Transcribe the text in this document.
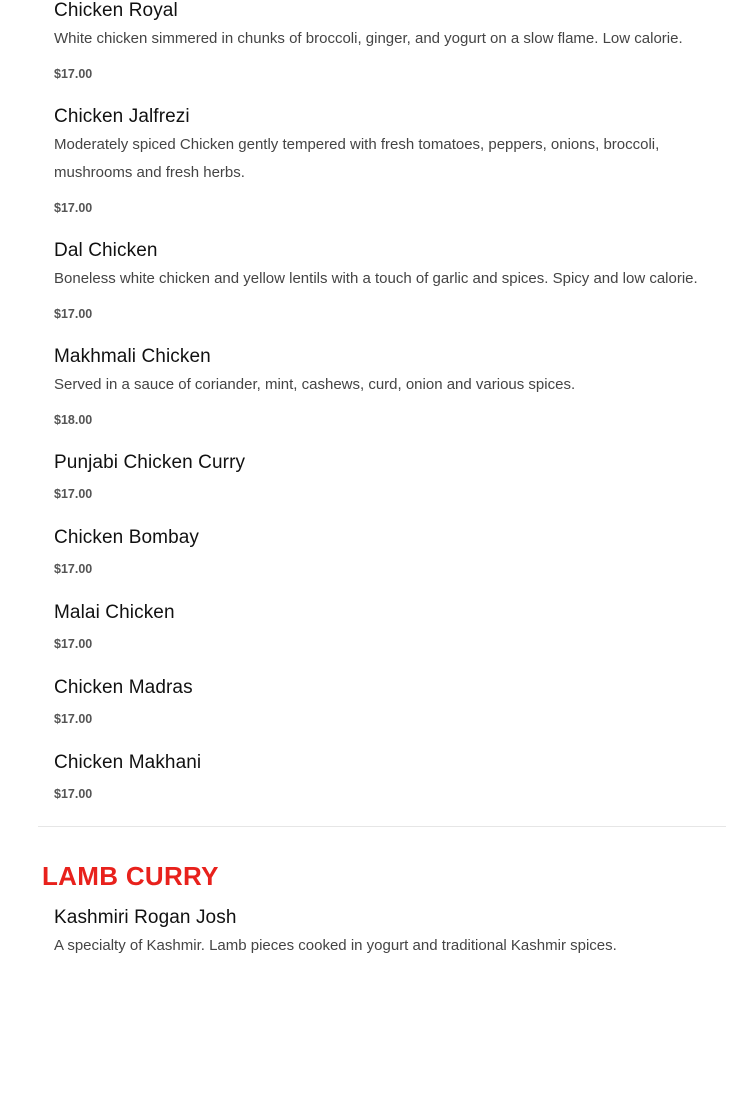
Chicken Royal
White chicken simmered in chunks of broccoli, ginger, and yogurt on a slow flame. Low calorie.
$17.00
Chicken Jalfrezi
Moderately spiced Chicken gently tempered with fresh tomatoes, peppers, onions, broccoli, mushrooms and fresh herbs.
$17.00
Dal Chicken
Boneless white chicken and yellow lentils with a touch of garlic and spices. Spicy and low calorie.
$17.00
Makhmali Chicken
Served in a sauce of coriander, mint, cashews, curd, onion and various spices.
$18.00
Punjabi Chicken Curry
$17.00
Chicken Bombay
$17.00
Malai Chicken
$17.00
Chicken Madras
$17.00
Chicken Makhani
$17.00
LAMB CURRY
Kashmiri Rogan Josh
A specialty of Kashmir. Lamb pieces cooked in yogurt and traditional Kashmir spices.
